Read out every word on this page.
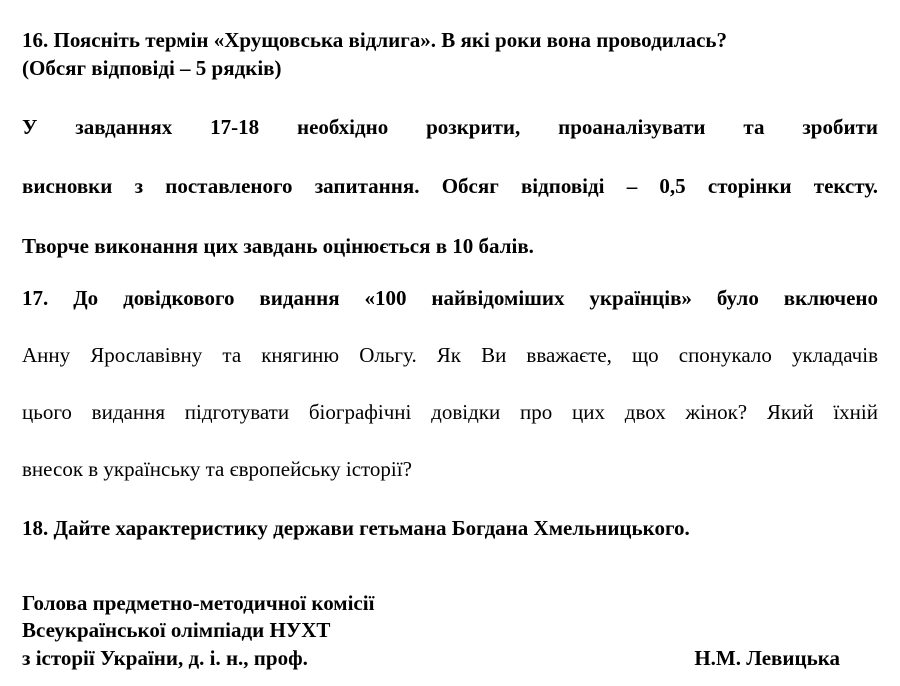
16. Поясніть термін «Хрущовська відлига». В які роки вона проводилась?
(Обсяг відповіді – 5 рядків)
У завданнях 17-18 необхідно розкрити, проаналізувати та зробити
висновки з поставленого запитання. Обсяг відповіді – 0,5 сторінки тексту.
Творче виконання цих завдань оцінюється в 10 балів.
17. До довідкового видання «100 найвідоміших українців» було включено
Анну Ярославівну та княгиню Ольгу. Як Ви вважаєте, що спонукало укладачів
цього видання підготувати біографічні довідки про цих двох жінок? Який їхній
внесок в українську та європейську історії?
18. Дайте характеристику держави гетьмана Богдана Хмельницького.
Голова предметно-методичної комісії
Всеукраїнської олімпіади НУХТ
з історії України, д. і. н., проф.	Н.М. Левицька
